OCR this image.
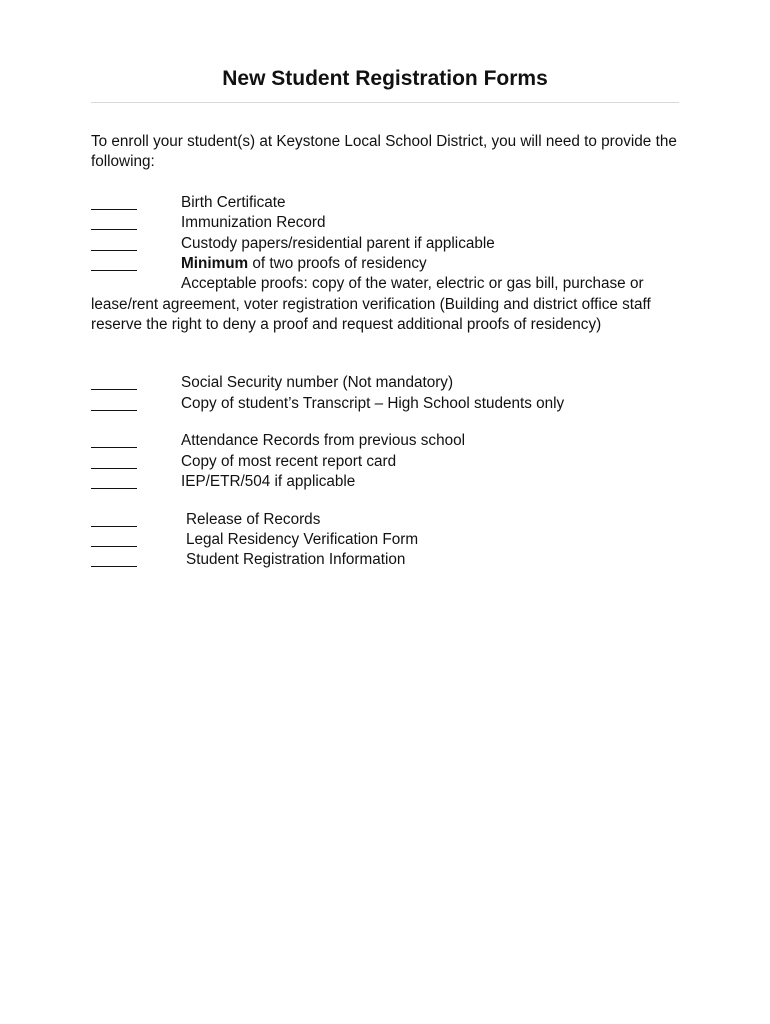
New Student Registration Forms

To enroll your student(s) at Keystone Local School District, you will need to provide the following:

Birth Certificate
Immunization Record
Custody papers/residential parent if applicable
Minimum of two proofs of residency

Acceptable proofs: copy of the water, electric or gas bill, purchase or lease/rent agreement, voter registration verification (Building and district office staff reserve the right to deny a proof and request additional proofs of residency)

Social Security number (Not mandatory)
Copy of student’s Transcript – High School students only
Attendance Records from previous school
Copy of most recent report card
IEP/ETR/504 if applicable
Release of Records
Legal Residency Verification Form
Student Registration Information
